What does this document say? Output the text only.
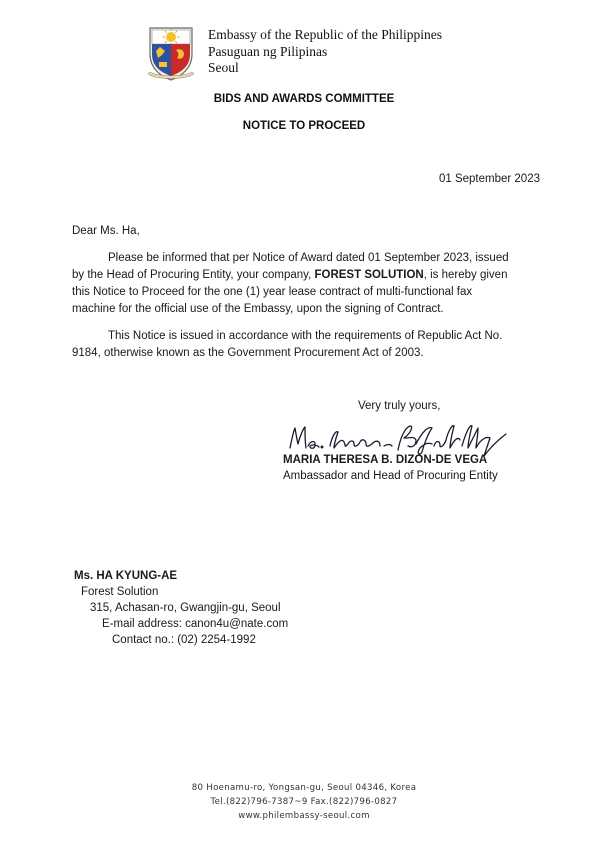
Embassy of the Republic of the Philippines
Pasuguan ng Pilipinas
Seoul
BIDS AND AWARDS COMMITTEE
NOTICE TO PROCEED
01 September 2023
Dear Ms. Ha,
Please be informed that per Notice of Award dated 01 September 2023, issued
by the Head of Procuring Entity, your company, FOREST SOLUTION, is hereby given
this Notice to Proceed for the one (1) year lease contract of multi-functional fax
machine for the official use of the Embassy, upon the signing of Contract.
This Notice is issued in accordance with the requirements of Republic Act No.
9184, otherwise known as the Government Procurement Act of 2003.
Very truly yours,
MARIA THERESA B. DIZON-DE VEGA
Ambassador and Head of Procuring Entity
Ms. HA KYUNG-AE
Forest Solution
315, Achasan-ro, Gwangjin-gu, Seoul
E-mail address: canon4u@nate.com
Contact no.: (02) 2254-1992
80 Hoenamu-ro, Yongsan-gu, Seoul 04346, Korea
Tel.(822)796-7387~9 Fax.(822)796-0827
www.philembassy-seoul.com
